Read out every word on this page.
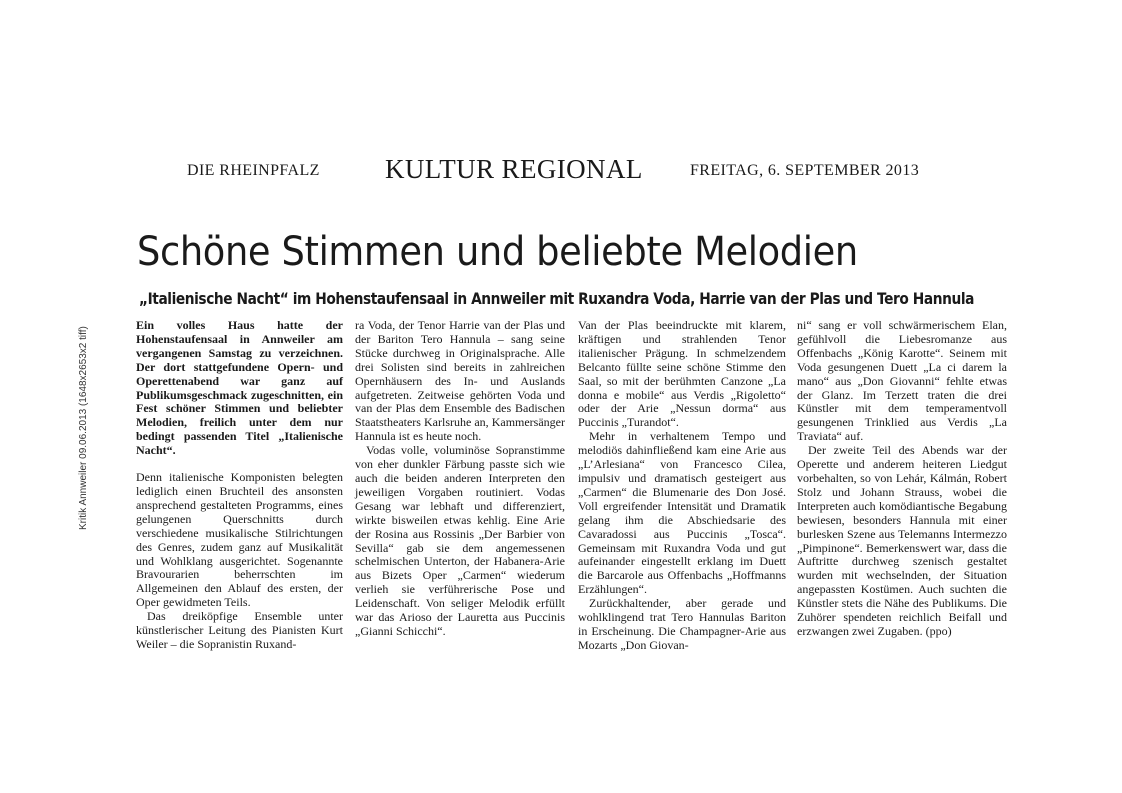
Kritik Annweiler 09.06.2013 (1648x2653x2 tiff)
DIE RHEINPFALZ KULTUR REGIONAL	FREITAG, 6. SEPTEMBER 2013
Schöne Stimmen und beliebte Melodien
„Italienische Nacht“ im Hohenstaufensaal in Annweiler mit Ruxandra Voda, Harrie van der Plas und Tero Hannula

Ein volles Haus hatte der Hohenstaufensaal in Annweiler am vergangenen Samstag zu verzeichnen. Der dort stattgefundene Opern- und Operettenabend war ganz auf Publikumsgeschmack zugeschnitten, ein Fest schöner Stimmen und beliebter Melodien, freilich unter dem nur bedingt passenden Titel „Italienische Nacht“.

Denn italienische Komponisten belegten lediglich einen Bruchteil des ansonsten ansprechend gestalteten Programms, eines gelungenen Querschnitts durch verschiedene musikalische Stilrichtungen des Genres, zudem ganz auf Musikalität und Wohlklang ausgerichtet. Sogenannte Bravourarien beherrschten im Allgemeinen den Ablauf des ersten, der Oper gewidmeten Teils.

Das dreiköpfige Ensemble unter künstlerischer Leitung des Pianisten Kurt Weiler – die Sopranistin Ruxand-

ra Voda, der Tenor Harrie van der Plas und der Bariton Tero Hannula – sang seine Stücke durchweg in Originalsprache. Alle drei Solisten sind bereits in zahlreichen Opernhäusern des In- und Auslands aufgetreten. Zeitweise gehörten Voda und van der Plas dem Ensemble des Badischen Staatstheaters Karlsruhe an, Kammersänger Hannula ist es heute noch.

Vodas volle, voluminöse Sopranstimme von eher dunkler Färbung passte sich wie auch die beiden anderen Interpreten den jeweiligen Vorgaben routiniert. Vodas Gesang war lebhaft und differenziert, wirkte bisweilen etwas kehlig. Eine Arie der Rosina aus Rossinis „Der Barbier von Sevilla“ gab sie dem angemessenen schelmischen Unterton, der Habanera-Arie aus Bizets Oper „Carmen“ wiederum verlieh sie verführerische Pose und Leidenschaft. Von seliger Melodik erfüllt war das Arioso der Lauretta aus Puccinis „Gianni Schicchi“.

Van der Plas beeindruckte mit klarem, kräftigen und strahlenden Tenor italienischer Prägung. In schmelzendem Belcanto füllte seine schöne Stimme den Saal, so mit der berühmten Canzone „La donna e mobile“ aus Verdis „Rigoletto“ oder der Arie „Nessun dorma“ aus Puccinis „Turandot“.

Mehr in verhaltenem Tempo und melodiös dahinfließend kam eine Arie aus „L’Arlesiana“ von Francesco Cilea, impulsiv und dramatisch gesteigert aus „Carmen“ die Blumenarie des Don José. Voll ergreifender Intensität und Dramatik gelang ihm die Abschiedsarie des Cavaradossi aus Puccinis „Tosca“. Gemeinsam mit Ruxandra Voda und gut aufeinander eingestellt erklang im Duett die Barcarole aus Offenbachs „Hoffmanns Erzählungen“.

Zurückhaltender, aber gerade und wohlklingend trat Tero Hannulas Bariton in Erscheinung. Die Champagner-Arie aus Mozarts „Don Giovan-

ni“ sang er voll schwärmerischem Elan, gefühlvoll die Liebesromanze aus Offenbachs „König Karotte“. Seinem mit Voda gesungenen Duett „La ci darem la mano“ aus „Don Giovanni“ fehlte etwas der Glanz. Im Terzett traten die drei Künstler mit dem temperamentvoll gesungenen Trinklied aus Verdis „La Traviata“ auf.

Der zweite Teil des Abends war der Operette und anderem heiteren Liedgut vorbehalten, so von Lehár, Kálmán, Robert Stolz und Johann Strauss, wobei die Interpreten auch komödiantische Begabung bewiesen, besonders Hannula mit einer burlesken Szene aus Telemanns Intermezzo „Pimpinone“. Bemerkenswert war, dass die Auftritte durchweg szenisch gestaltet wurden mit wechselnden, der Situation angepassten Kostümen. Auch suchten die Künstler stets die Nähe des Publikums. Die Zuhörer spendeten reichlich Beifall und erzwangen zwei Zugaben. (ppo)
